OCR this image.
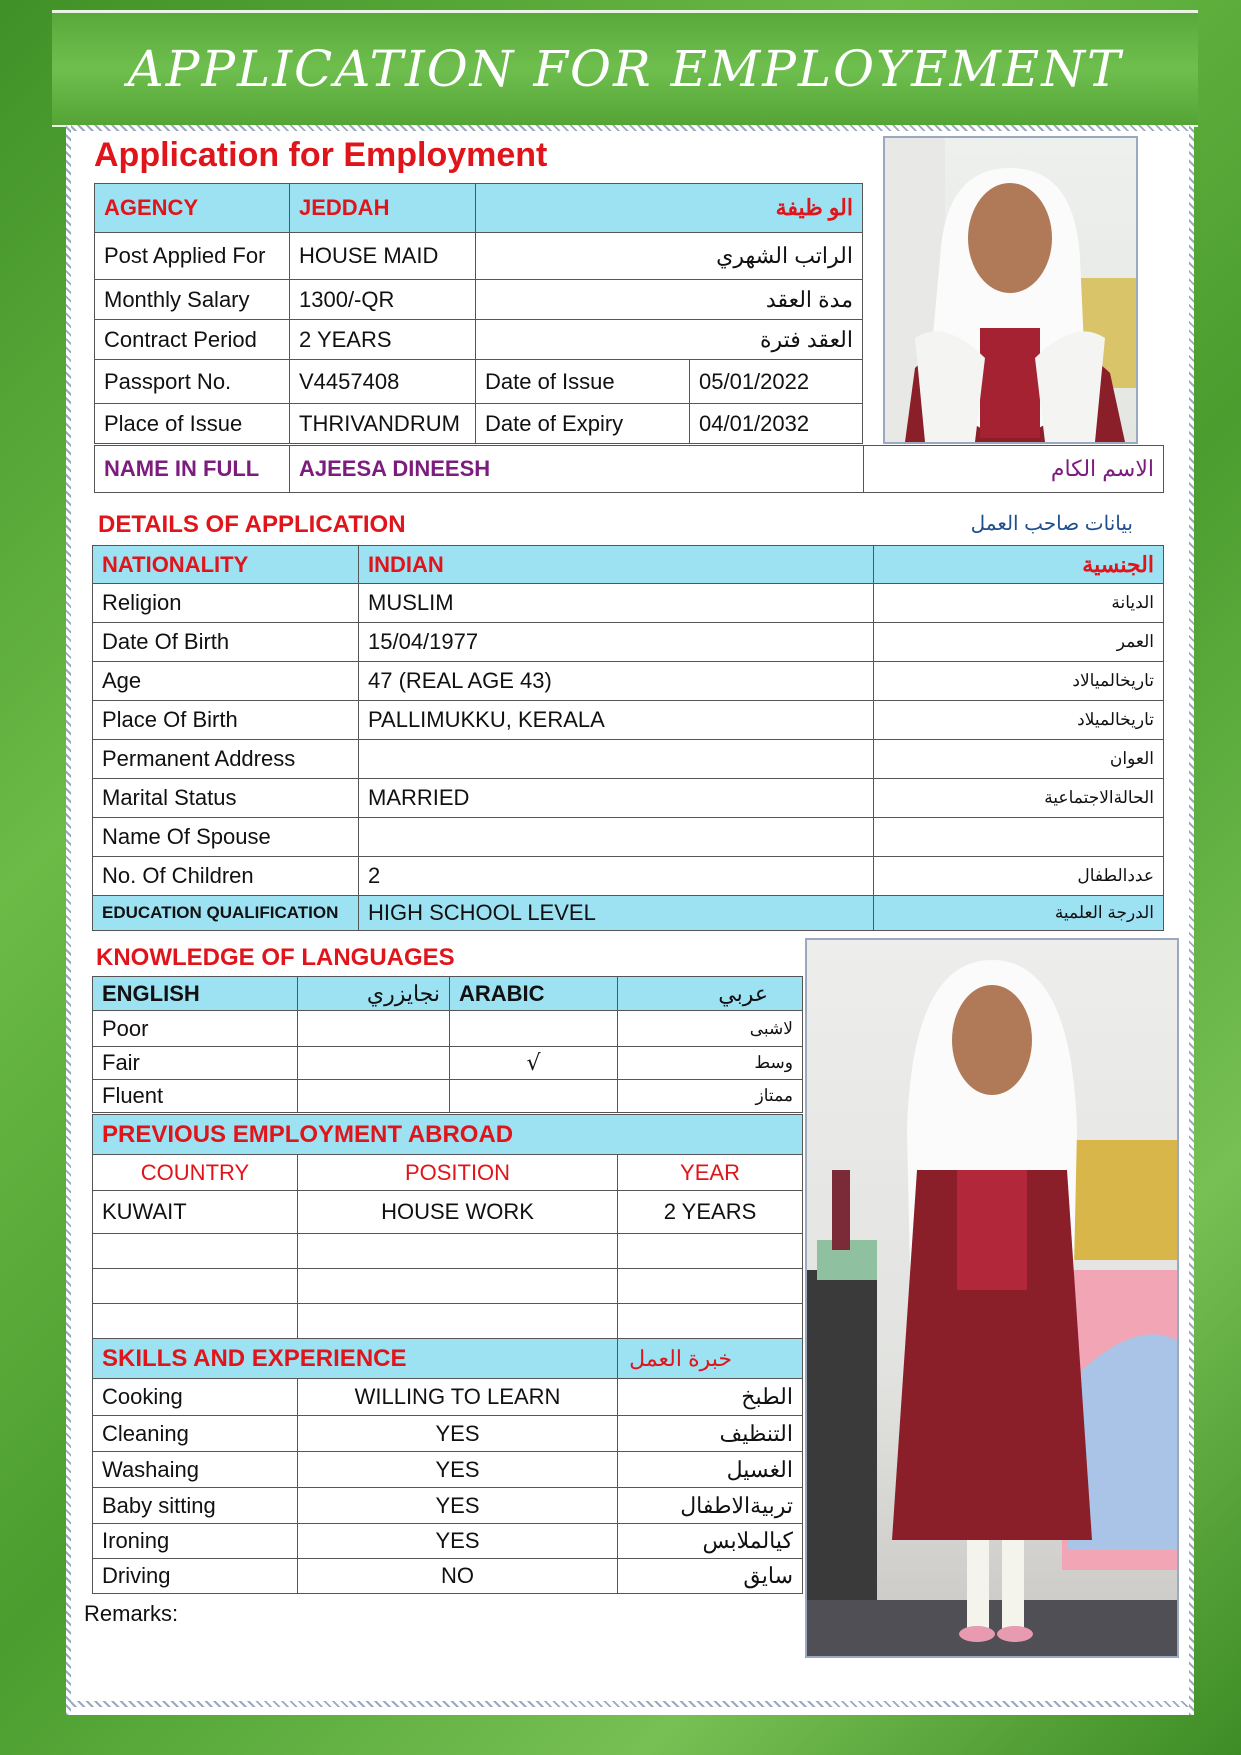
APPLICATION FOR EMPLOYEMENT
Application for Employment
AGENCY	JEDDAH	الو ظيفة	
Post Applied For	HOUSE MAID	الراتب الشهري	
Monthly Salary	1300/-QR	مدة العقد	
Contract Period	2 YEARS	العقد فترة	
Passport No.	V4457408	Date of Issue	05/01/2022
Place of Issue	THRIVANDRUM	Date of Expiry	04/01/2032
NAME IN FULL	AJEESA DINEESH	الاسم الكام
DETAILS OF APPLICATION	بيانات صاحب العمل
NATIONALITY	INDIAN	الجنسية
Religion	MUSLIM	الديانة
Date Of Birth	15/04/1977	العمر
Age	47 (REAL AGE 43)	تاريخالميالاد
Place Of Birth	PALLIMUKKU, KERALA	تاريخالميلاد
Permanent Address		العوان
Marital Status	MARRIED	الحالةالاجتماعية
Name Of Spouse		
No. Of Children	2	عددالطفال
EDUCATION QUALIFICATION	HIGH SCHOOL LEVEL	الدرجة العلمية
KNOWLEDGE OF LANGUAGES
ENGLISH	نجايزري	ARABIC	عربي
Poor			لاشبى
Fair		√	وسط
Fluent			ممتاز
PREVIOUS EMPLOYMENT ABROAD		
COUNTRY	POSITION	YEAR
KUWAIT	HOUSE WORK	2 YEARS

SKILLS AND EXPERIENCE		خبرة العمل
Cooking	WILLING TO LEARN	الطبخ
Cleaning	YES	التنظيف
Washaing	YES	الغسيل
Baby sitting	YES	تربيةالاطفال
Ironing	YES	كيالملابس
Driving	NO	سايق
Remarks:
